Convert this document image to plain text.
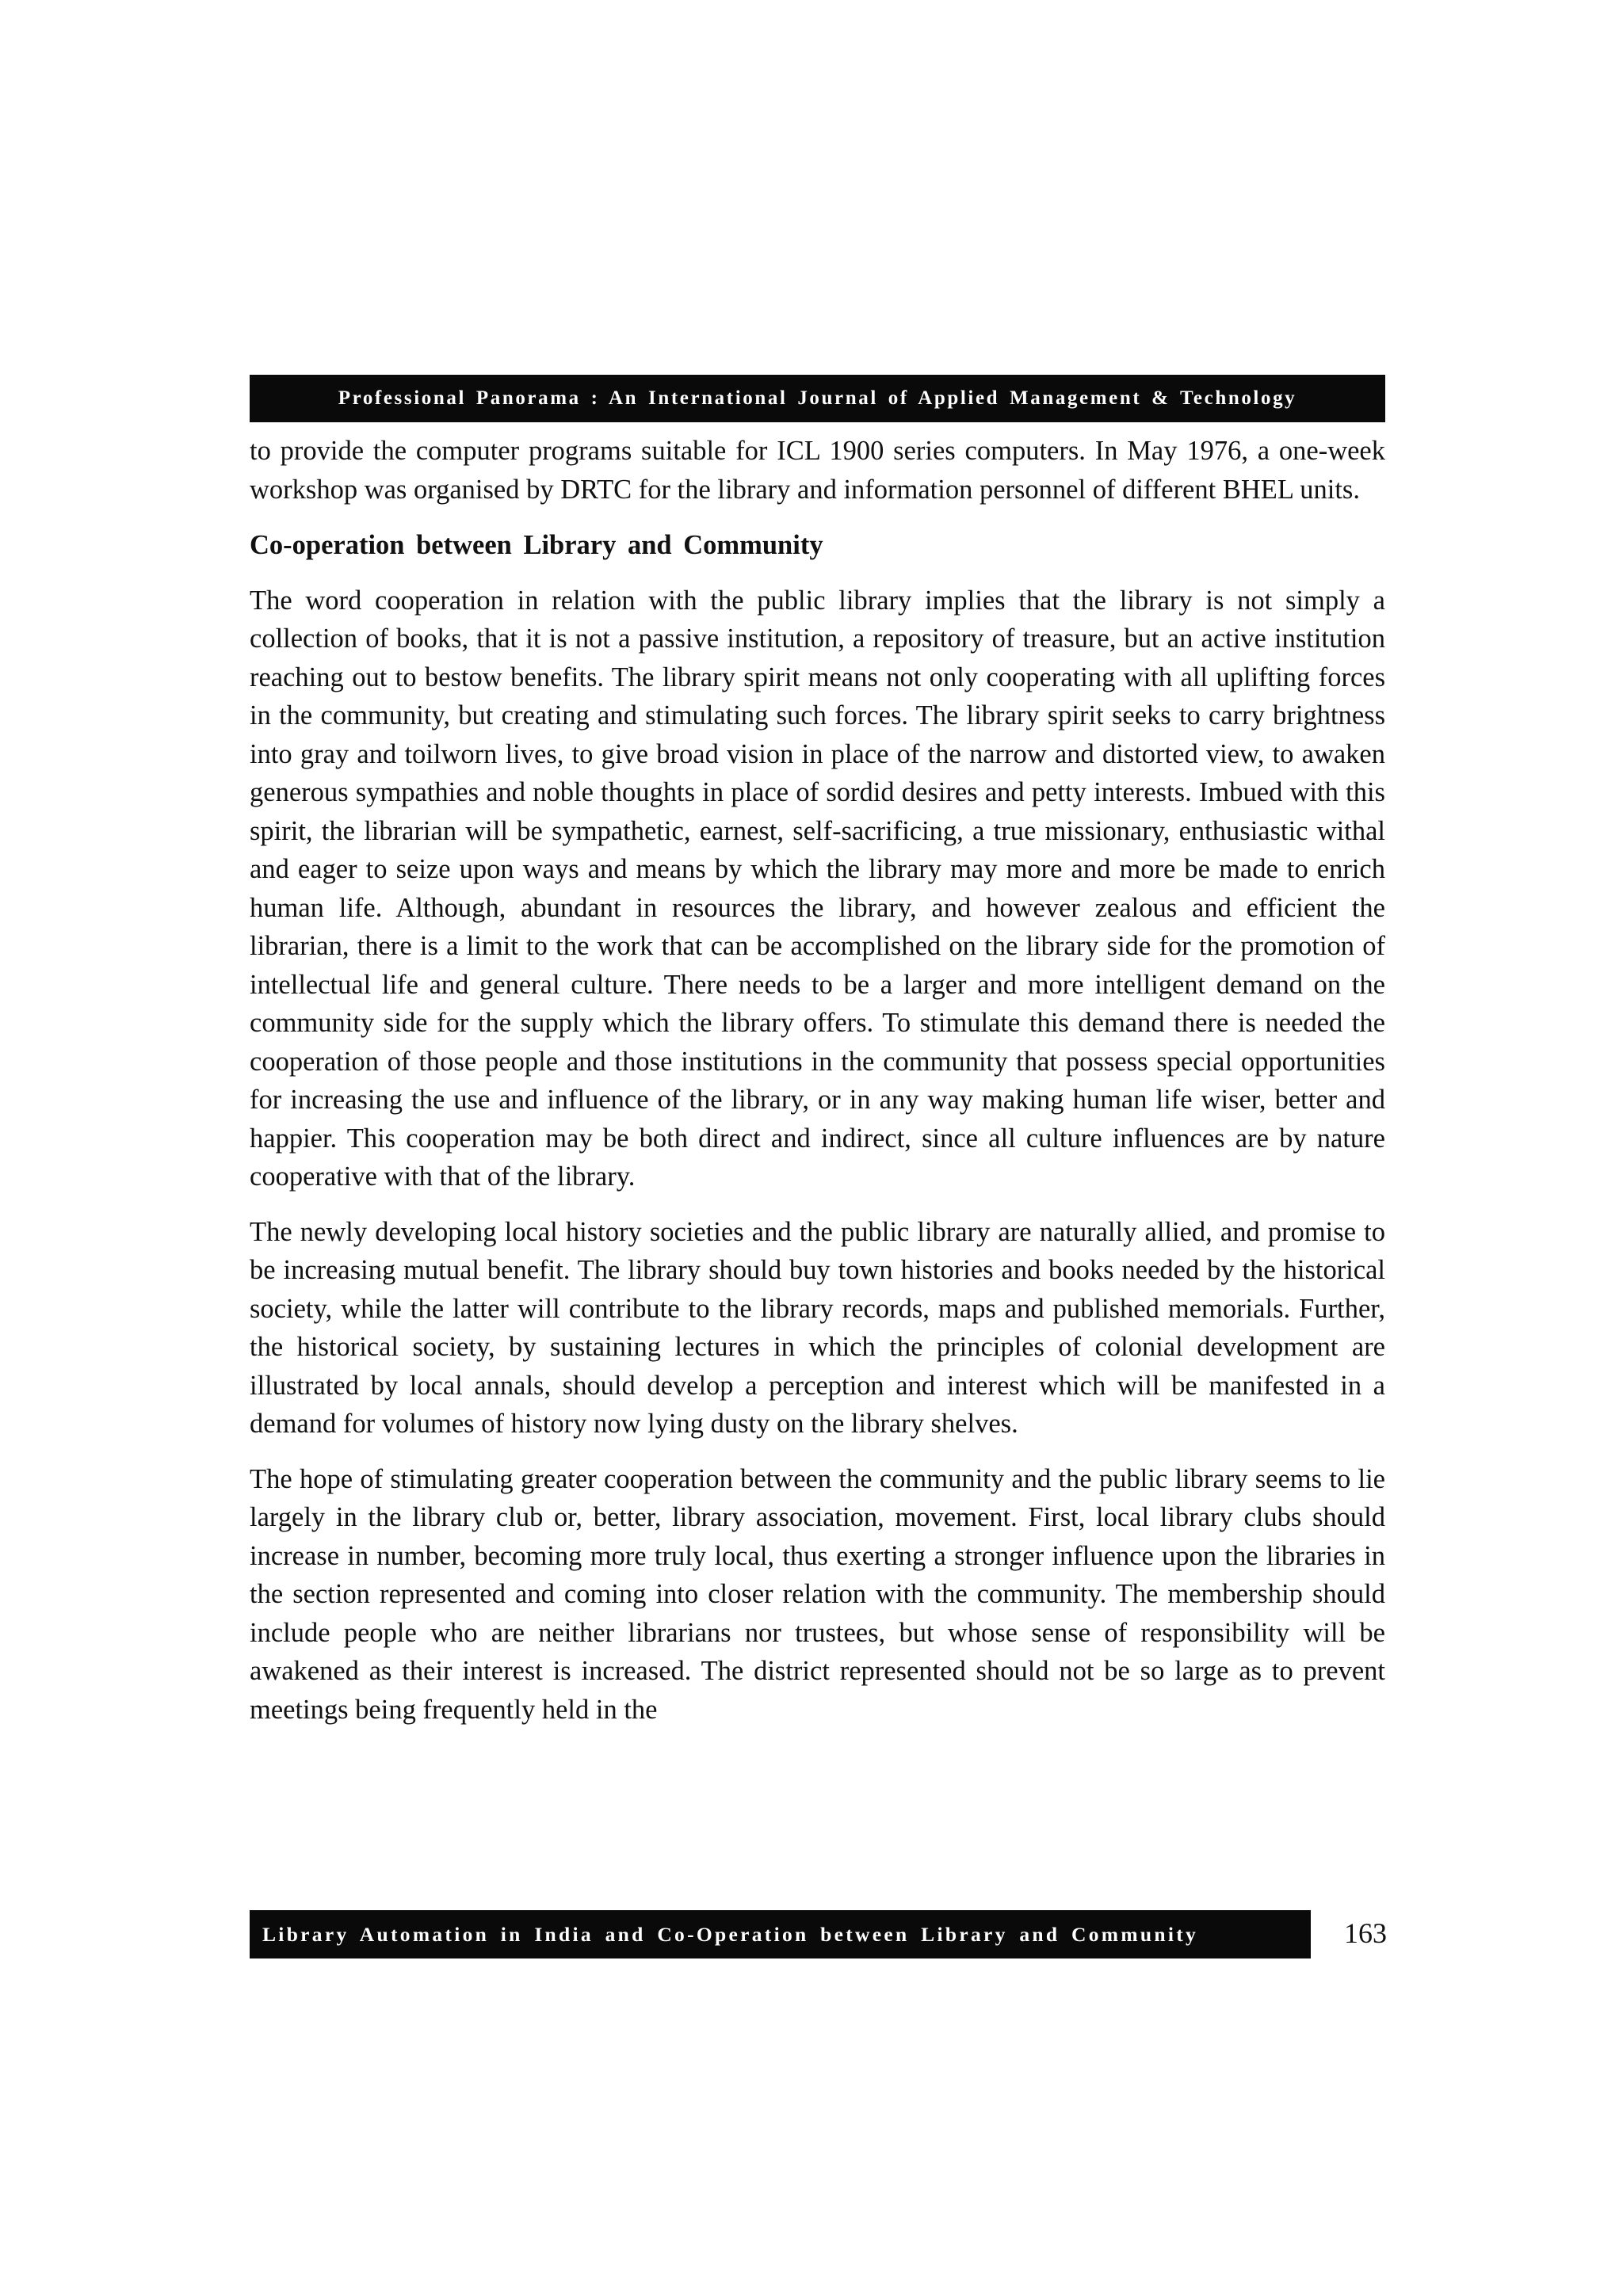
Professional Panorama : An International Journal of Applied Management & Technology

to provide the computer programs suitable for ICL 1900 series computers. In May 1976, a one-week workshop was organised by DRTC for the library and information personnel of different BHEL units.

Co-operation between Library and Community

The word cooperation in relation with the public library implies that the library is not simply a collection of books, that it is not a passive institution, a repository of treasure, but an active institution reaching out to bestow benefits. The library spirit means not only cooperating with all uplifting forces in the community, but creating and stimulating such forces. The library spirit seeks to carry brightness into gray and toilworn lives, to give broad vision in place of the narrow and distorted view, to awaken generous sympathies and noble thoughts in place of sordid desires and petty interests. Imbued with this spirit, the librarian will be sympathetic, earnest, self-sacrificing, a true missionary, enthusiastic withal and eager to seize upon ways and means by which the library may more and more be made to enrich human life. Although, abundant in resources the library, and however zealous and efficient the librarian, there is a limit to the work that can be accomplished on the library side for the promotion of intellectual life and general culture. There needs to be a larger and more intelligent demand on the community side for the supply which the library offers. To stimulate this demand there is needed the cooperation of those people and those institutions in the community that possess special opportunities for increasing the use and influence of the library, or in any way making human life wiser, better and happier. This cooperation may be both direct and indirect, since all culture influences are by nature cooperative with that of the library.

The newly developing local history societies and the public library are naturally allied, and promise to be increasing mutual benefit. The library should buy town histories and books needed by the historical society, while the latter will contribute to the library records, maps and published memorials. Further, the historical society, by sustaining lectures in which the principles of colonial development are illustrated by local annals, should develop a perception and interest which will be manifested in a demand for volumes of history now lying dusty on the library shelves.

The hope of stimulating greater cooperation between the community and the public library seems to lie largely in the library club or, better, library association, movement. First, local library clubs should increase in number, becoming more truly local, thus exerting a stronger influence upon the libraries in the section represented and coming into closer relation with the community. The membership should include people who are neither librarians nor trustees, but whose sense of responsibility will be awakened as their interest is increased. The district represented should not be so large as to prevent meetings being frequently held in the

Library Automation in India and Co-Operation between Library and Community	163
